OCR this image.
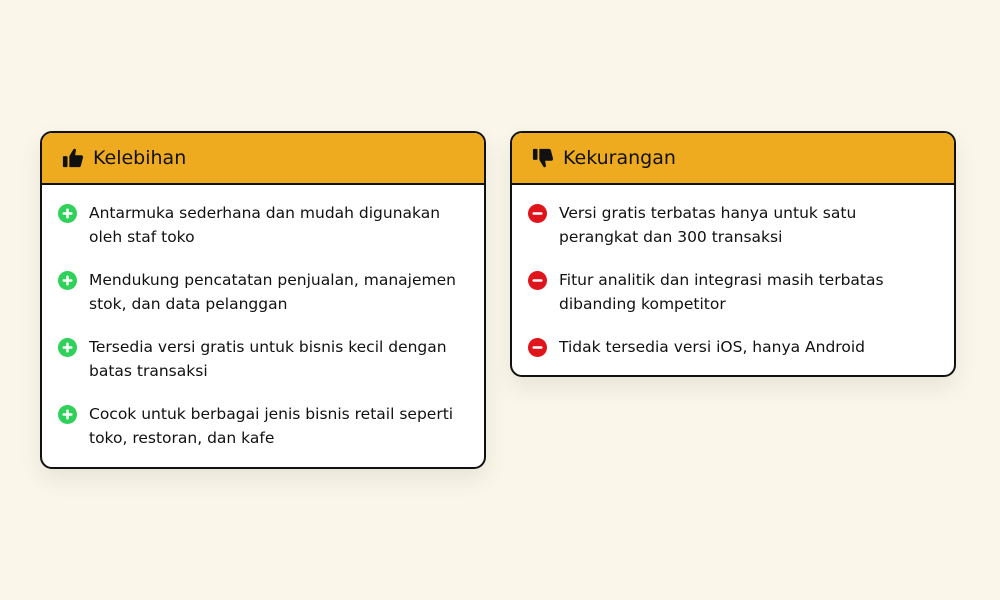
Kelebihan
Antarmuka sederhana dan mudah digunakan oleh staf toko
Mendukung pencatatan penjualan, manajemen stok, dan data pelanggan
Tersedia versi gratis untuk bisnis kecil dengan batas transaksi
Cocok untuk berbagai jenis bisnis retail seperti toko, restoran, dan kafe
Kekurangan
Versi gratis terbatas hanya untuk satu perangkat dan 300 transaksi
Fitur analitik dan integrasi masih terbatas dibanding kompetitor
Tidak tersedia versi iOS, hanya Android
